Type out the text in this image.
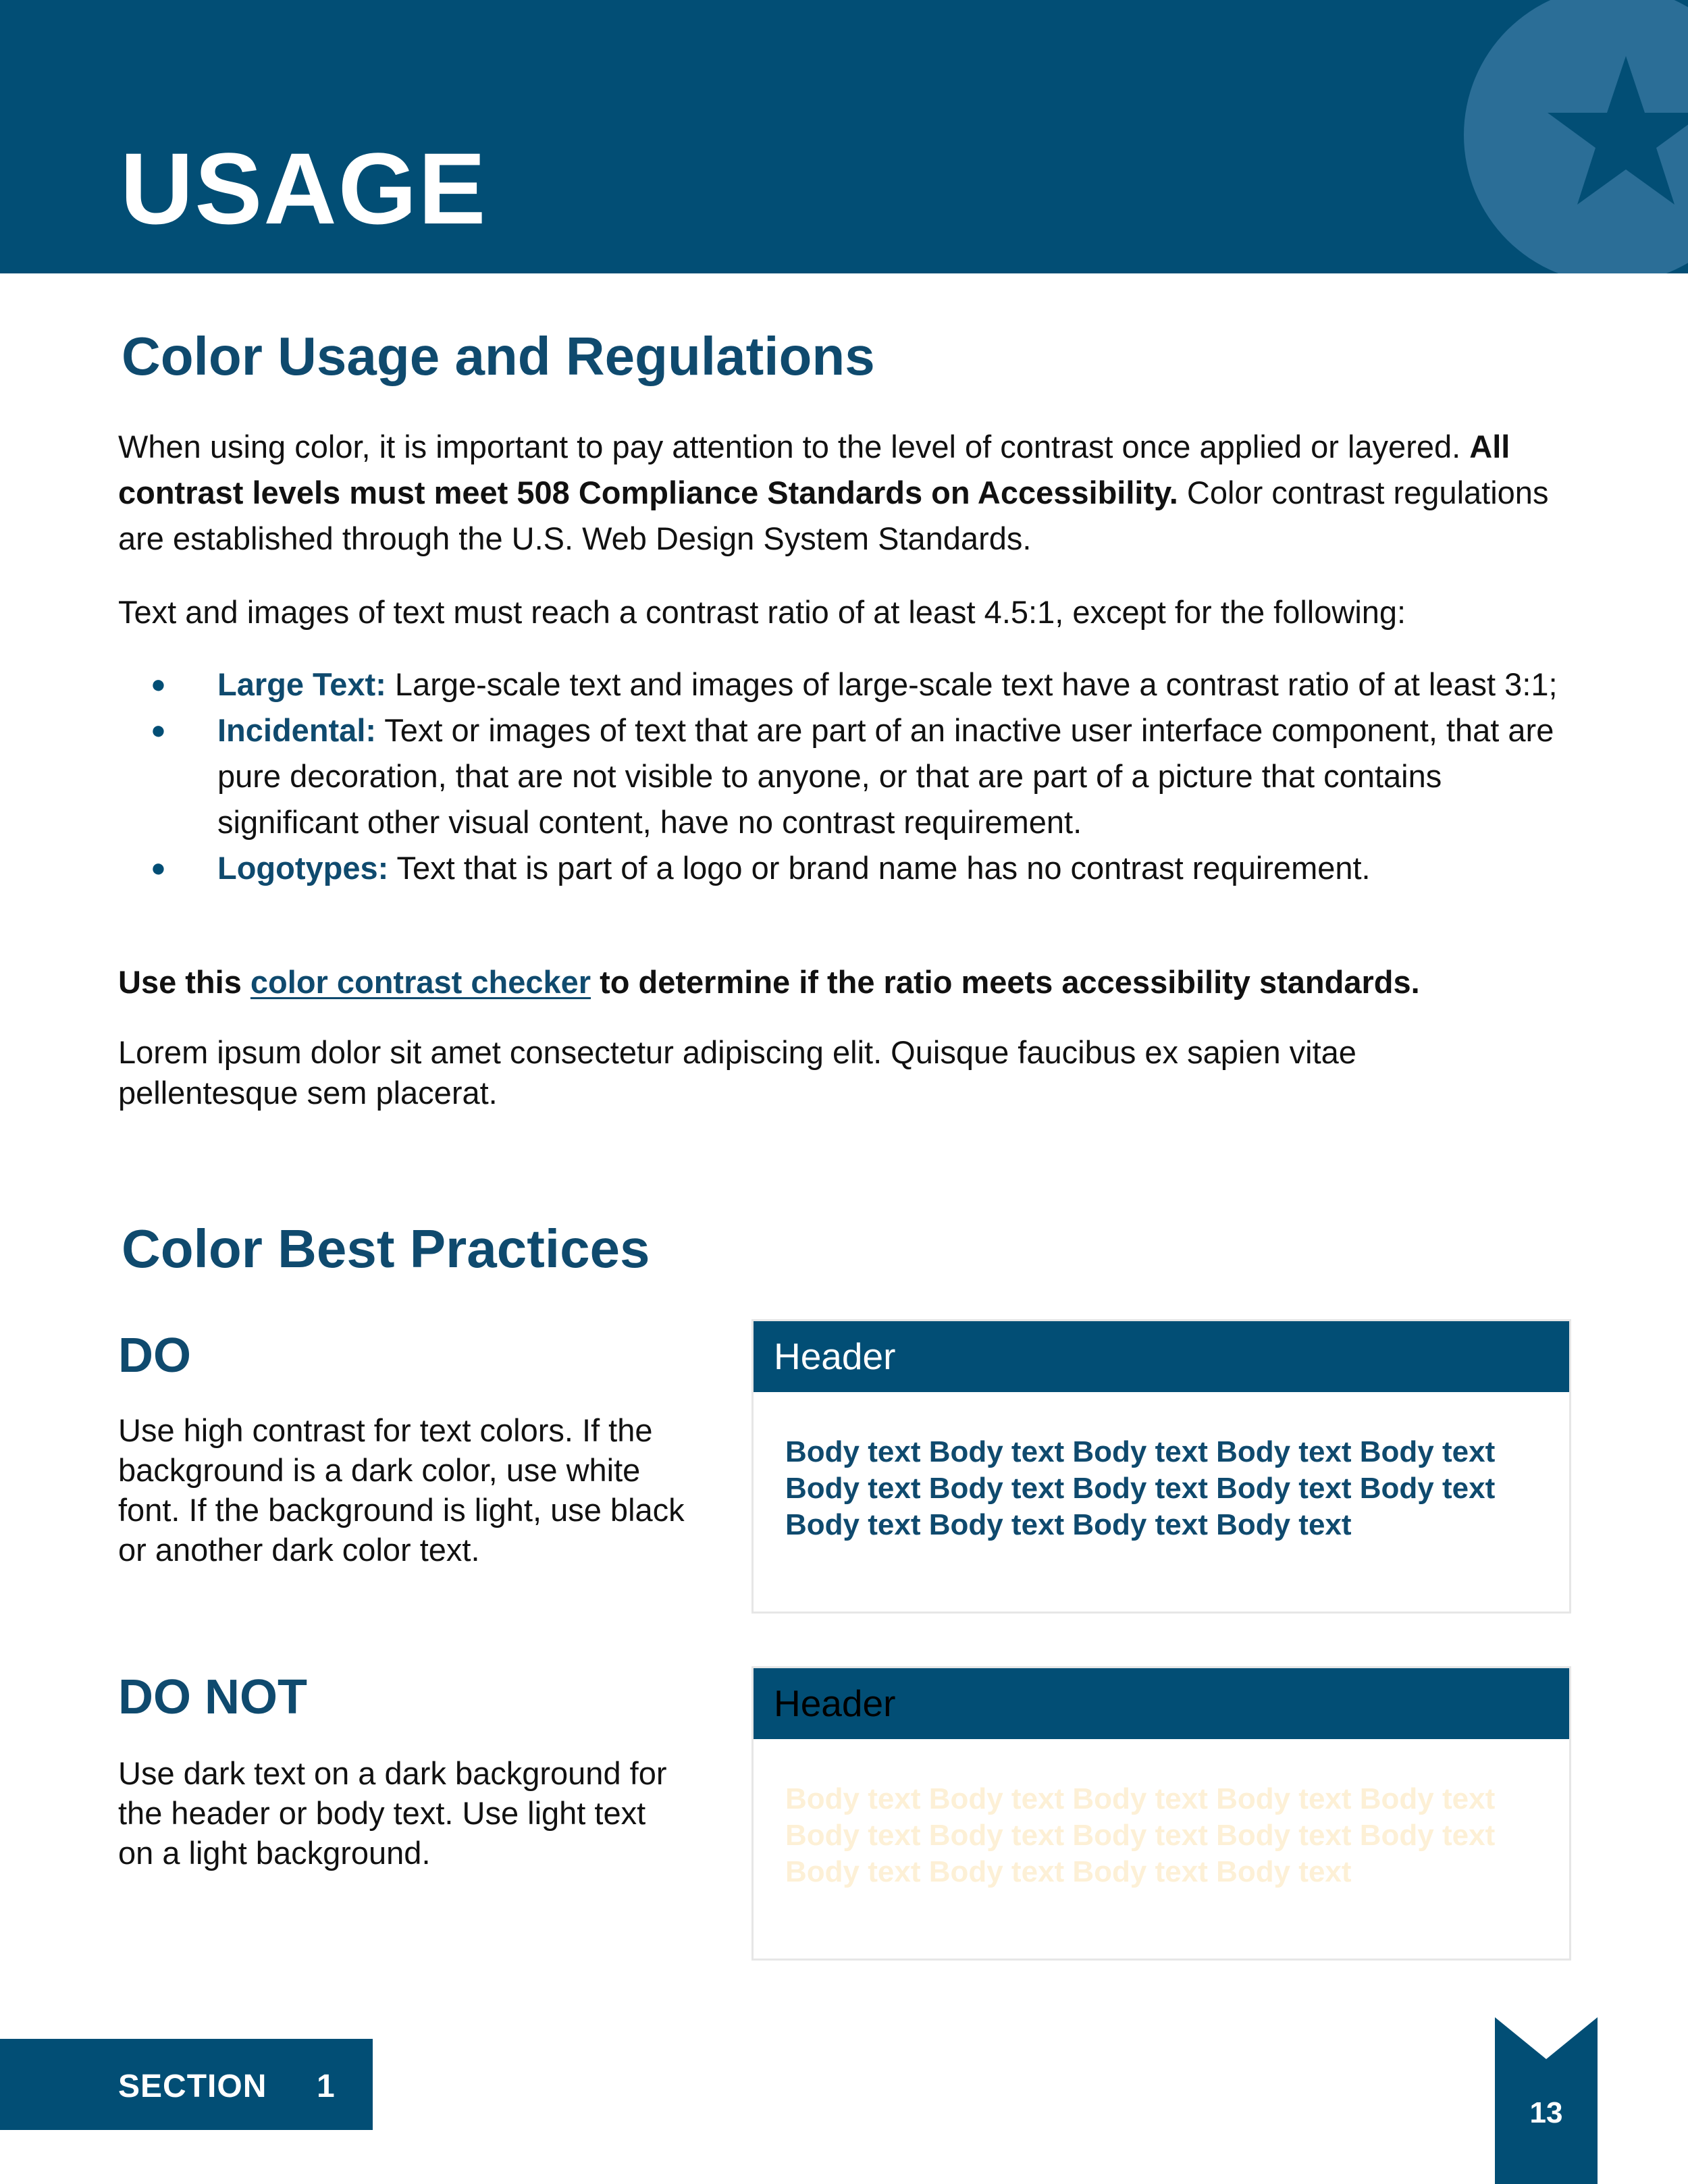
USAGE
Color Usage and Regulations

When using color, it is important to pay attention to the level of contrast once applied or layered. All contrast levels must meet 508 Compliance Standards on Accessibility. Color contrast regulations are established through the U.S. Web Design System Standards.

Text and images of text must reach a contrast ratio of at least 4.5:1, except for the following:

● Large Text: Large-scale text and images of large-scale text have a contrast ratio of at least 3:1;
● Incidental: Text or images of text that are part of an inactive user interface component, that are pure decoration, that are not visible to anyone, or that are part of a picture that contains significant other visual content, have no contrast requirement.
● Logotypes: Text that is part of a logo or brand name has no contrast requirement.

Use this color contrast checker to determine if the ratio meets accessibility standards.

Lorem ipsum dolor sit amet consectetur adipiscing elit. Quisque faucibus ex sapien vitae pellentesque sem placerat.

Color Best Practices
DO

Use high contrast for text colors. If the background is a dark color, use white font. If the background is light, use black or another dark color text.

Header

Body text Body text Body text Body text Body text Body text Body text Body text Body text Body text Body text Body text Body text Body text

DO NOT

Use dark text on a dark background for the header or body text. Use light text on a light background.

Header

Body text Body text Body text Body text Body text Body text Body text Body text Body text Body text Body text Body text Body text Body text

SECTION 1
13
